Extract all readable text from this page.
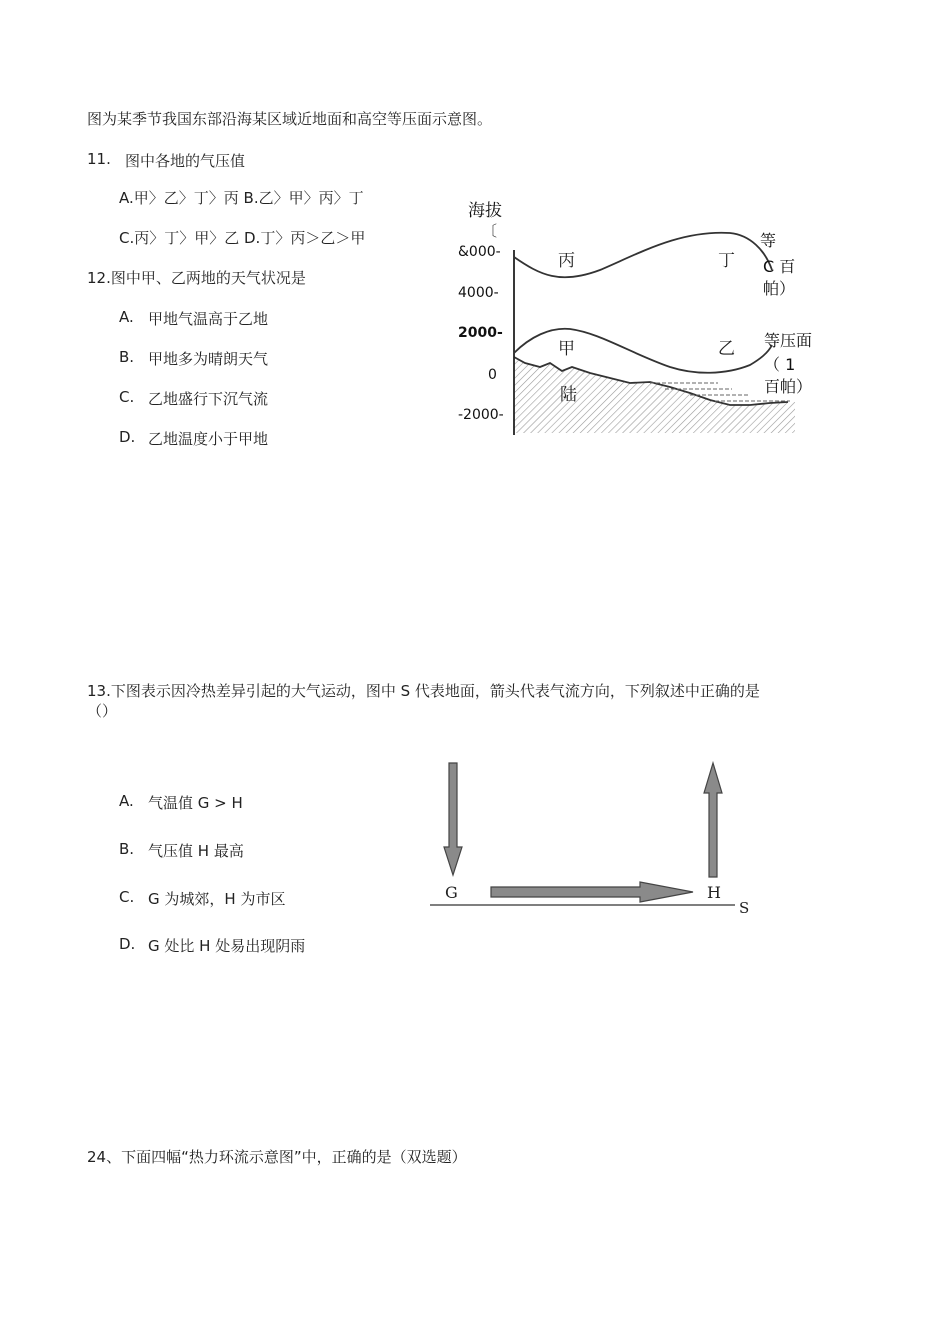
图为某季节我国东部沿海某区域近地面和高空等压面示意图。
11. 图中各地的气压值
A.甲〉乙〉丁〉丙 B.乙〉甲〉丙〉丁
C.丙〉丁〉甲〉乙 D.丁〉丙＞乙＞甲
12.图中甲、乙两地的天气状况是
A. 甲地气温高于乙地
B. 甲地多为晴朗天气
C. 乙地盛行下沉气流
D. 乙地温度小于甲地
海拔
〔
&000-
4000-
2000-
0
-2000-
丙	丁
等
C 百
帕）
甲	乙 等压面
（ 1
百帕）
陆
13.下图表示因冷热差异引起的大气运动，图中 S 代表地面，箭头代表气流方向，下列叙述中正确的是
（）
A. 气温值 G > H
B. 气压值 H 最高
C. G 为城郊，H 为市区
D. G 处比 H 处易出现阴雨
G	H
S
24、下面四幅“热力环流示意图”中，正确的是（双选题）
